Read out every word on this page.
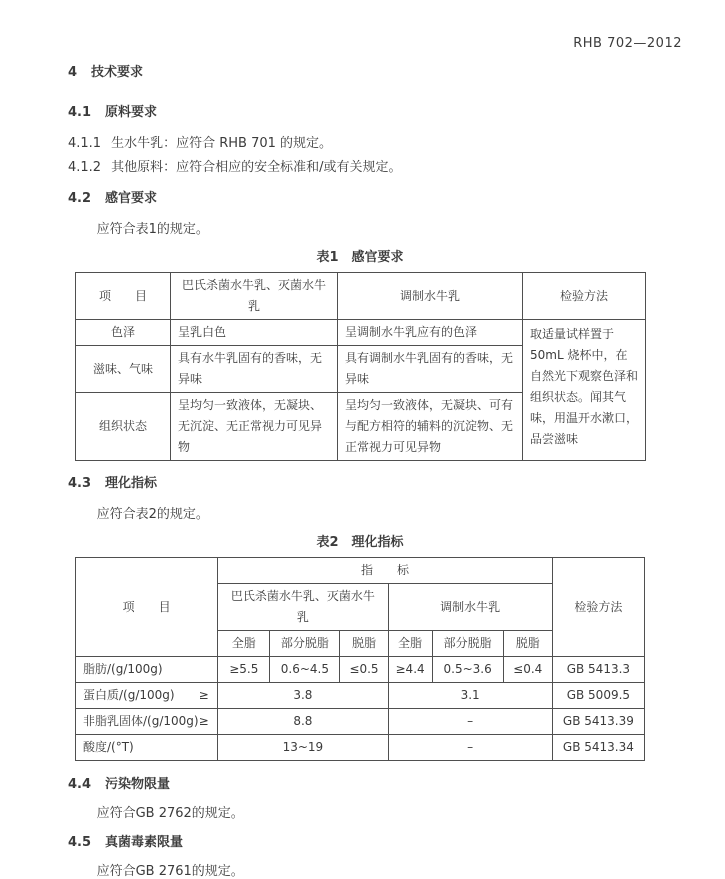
RHB 702—2012
4 技术要求
4.1 原料要求
4.1.1 生水牛乳：应符合 RHB 701 的规定。
4.1.2 其他原料：应符合相应的安全标准和/或有关规定。
4.2 感官要求

应符合表1的规定。

表1　感官要求
项　　目	巴氏杀菌水牛乳、灭菌水牛乳	调制水牛乳	检验方法
色泽	呈乳白色	呈调制水牛乳应有的色泽	取适量试样置于 50mL 烧杯中，在自然光下观察色泽和组织状态。闻其气味，用温开水漱口，品尝滋味
滋味、气味	具有水牛乳固有的香味，无异味	具有调制水牛乳固有的香味，无异味	
组织状态	呈均匀一致液体，无凝块、无沉淀、无正常视力可见异物	呈均匀一致液体，无凝块、可有与配方相符的辅料的沉淀物、无正常视力可见异物	
4.3 理化指标

应符合表2的规定。

表2　理化指标
项　　目	指　　标						检验方法
	巴氏杀菌水牛乳、灭菌水牛乳			调制水牛乳			
	全脂	部分脱脂	脱脂	全脂	部分脱脂	脱脂	
脂肪/(g/100g)	≥5.5	0.6~4.5	≤0.5	≥4.4	0.5~3.6	≤0.4	GB 5413.3
蛋白质/(g/100g)　　≥	3.8			3.1			GB 5009.5
非脂乳固体/(g/100g)≥	8.8			–			GB 5413.39
酸度/(°T)	13~19			–			GB 5413.34
4.4 污染物限量

应符合GB 2762的规定。

4.5 真菌毒素限量

应符合GB 2761的规定。
